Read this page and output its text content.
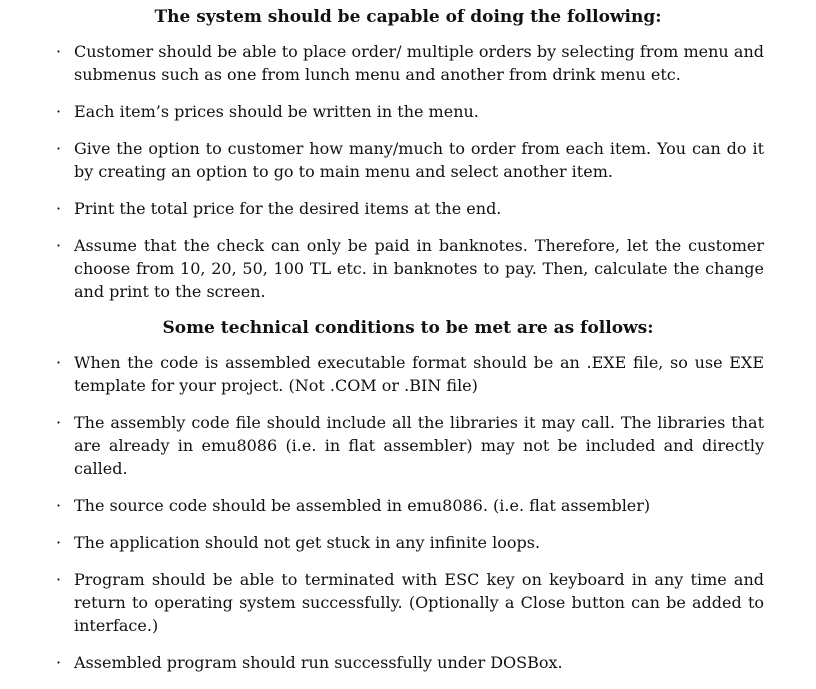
The system should be capable of doing the following:
· Customer should be able to place order/ multiple orders by selecting from menu and submenus such as one from lunch menu and another from drink menu etc.
· Each item’s prices should be written in the menu.
· Give the option to customer how many/much to order from each item. You can do it by creating an option to go to main menu and select another item.
· Print the total price for the desired items at the end.
· Assume that the check can only be paid in banknotes. Therefore, let the customer choose from 10, 20, 50, 100 TL etc. in banknotes to pay. Then, calculate the change and print to the screen.
Some technical conditions to be met are as follows:
· When the code is assembled executable format should be an .EXE file, so use EXE template for your project. (Not .COM or .BIN file)
· The assembly code file should include all the libraries it may call. The libraries that are already in emu8086 (i.e. in flat assembler) may not be included and directly called.
· The source code should be assembled in emu8086. (i.e. flat assembler)
· The application should not get stuck in any infinite loops.
· Program should be able to terminated with ESC key on keyboard in any time and return to operating system successfully. (Optionally a Close button can be added to interface.)
· Assembled program should run successfully under DOSBox.
